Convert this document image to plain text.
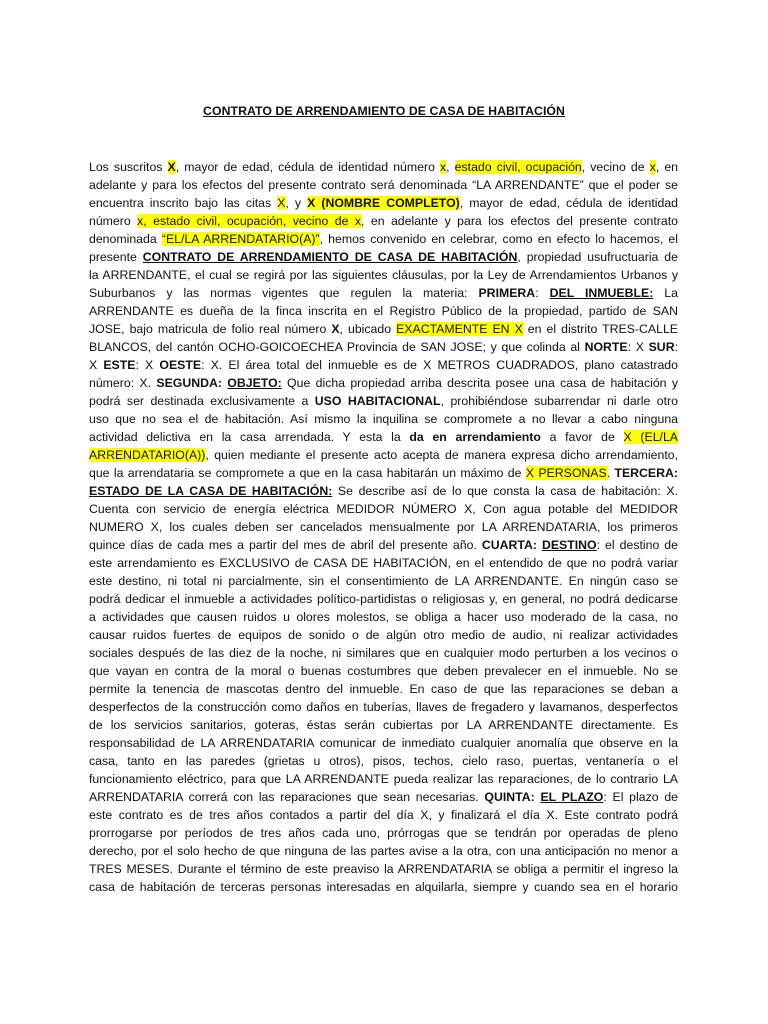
CONTRATO DE ARRENDAMIENTO DE CASA DE HABITACIÓN
Los suscritos X, mayor de edad, cédula de identidad número x, estado civil, ocupación, vecino de x, en
adelante y para los efectos del presente contrato será denominada “LA ARRENDANTE” que el poder se
encuentra inscrito bajo las citas X, y X (NOMBRE COMPLETO), mayor de edad, cédula de identidad
número x, estado civil, ocupación, vecino de x, en adelante y para los efectos del presente contrato
denominada “EL/LA ARRENDATARIO(A)”, hemos convenido en celebrar, como en efecto lo hacemos, el
presente CONTRATO DE ARRENDAMIENTO DE CASA DE HABITACIÓN, propiedad usufructuaria de
la ARRENDANTE, el cual se regirá por las siguientes cláusulas, por la Ley de Arrendamientos Urbanos y
Suburbanos y las normas vigentes que regulen la materia: PRIMERA: DEL INMUEBLE: La
ARRENDANTE es dueña de la finca inscrita en el Registro Público de la propiedad, partido de SAN
JOSE, bajo matricula de folio real número X, ubicado EXACTAMENTE EN X en el distrito TRES-CALLE
BLANCOS, del cantón OCHO-GOICOECHEA Provincia de SAN JOSE; y que colinda al NORTE: X SUR:
X ESTE: X OESTE: X. El área total del inmueble es de X METROS CUADRADOS, plano catastrado
número: X. SEGUNDA: OBJETO: Que dicha propiedad arriba descrita posee una casa de habitación y
podrá ser destinada exclusivamente a USO HABITACIONAL, prohibiéndose subarrendar ni darle otro
uso que no sea el de habitación. Así mismo la inquilina se compromete a no llevar a cabo ninguna
actividad delictiva en la casa arrendada. Y esta la da en arrendamiento a favor de X (EL/LA
ARRENDATARIO(A)), quien mediante el presente acto acepta de manera expresa dicho arrendamiento,
que la arrendataria se compromete a que en la casa habitarán un máximo de X PERSONAS. TERCERA:
ESTADO DE LA CASA DE HABITACIÓN: Se describe así de lo que consta la casa de habitación: X.
Cuenta con servicio de energía eléctrica MEDIDOR NÚMERO X, Con agua potable del MEDIDOR
NUMERO X, los cuales deben ser cancelados mensualmente por LA ARRENDATARIA, los primeros
quince días de cada mes a partir del mes de abril del presente año. CUARTA: DESTINO: el destino de
este arrendamiento es EXCLUSIVO de CASA DE HABITACIÓN, en el entendido de que no podrá variar
este destino, ni total ni parcialmente, sin el consentimiento de LA ARRENDANTE. En ningún caso se
podrá dedicar el inmueble a actividades político-partidistas o religiosas y, en general, no podrá dedicarse
a actividades que causen ruidos u olores molestos, se obliga a hacer uso moderado de la casa, no
causar ruidos fuertes de equipos de sonido o de algún otro medio de audio, ni realizar actividades
sociales después de las diez de la noche, ni similares que en cualquier modo perturben a los vecinos o
que vayan en contra de la moral o buenas costumbres que deben prevalecer en el inmueble. No se
permite la tenencia de mascotas dentro del inmueble. En caso de que las reparaciones se deban a
desperfectos de la construcción como daños en tuberías, llaves de fregadero y lavamanos, desperfectos
de los servicios sanitarios, goteras, éstas serán cubiertas por LA ARRENDANTE directamente. Es
responsabilidad de LA ARRENDATARIA comunicar de inmediato cualquier anomalía que observe en la
casa, tanto en las paredes (grietas u otros), pisos, techos, cielo raso, puertas, ventanería o el
funcionamiento eléctrico, para que LA ARRENDANTE pueda realizar las reparaciones, de lo contrario LA
ARRENDATARIA correrá con las reparaciones que sean necesarias. QUINTA: EL PLAZO: El plazo de
este contrato es de tres años contados a partir del día X, y finalizará el día X. Este contrato podrá
prorrogarse por períodos de tres años cada uno, prórrogas que se tendrán por operadas de pleno
derecho, por el solo hecho de que ninguna de las partes avise a la otra, con una anticipación no menor a
TRES MESES. Durante el término de este preaviso la ARRENDATARIA se obliga a permitir el ingreso la
casa de habitación de terceras personas interesadas en alquilarla, siempre y cuando sea en el horario
